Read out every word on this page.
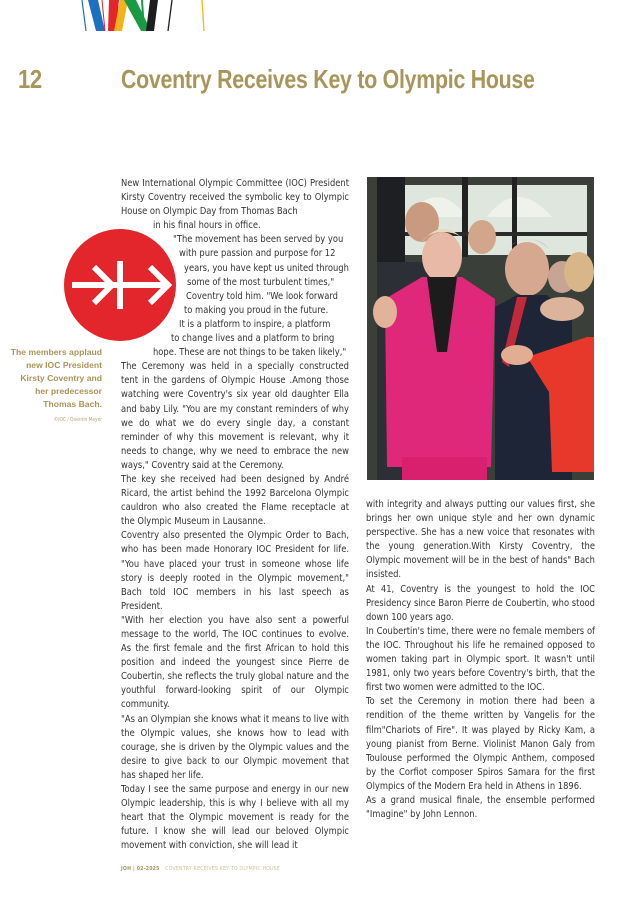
12	Coventry Receives Key to Olympic House
The members applaud
new IOC President
Kirsty Coventry and
her predecessor
Thomas Bach.
©IOC / Quentin Meyer

New International Olympic Committee (IOC) President Kirsty Coventry received the symbolic key to Olympic House on Olympic Day from Thomas Bach

in his final hours in office.

"The movement has been served by you

with pure passion and purpose for 12

years, you have kept us united through

some of the most turbulent times,"

Coventry told him. "We look forward

to making you proud in the future.

It is a platform to inspire, a platform

to change lives and a platform to bring

hope. These are not things to be taken likely,"

The Ceremony was held in a specially constructed tent in the gardens of Olympic House .Among those watching were Coventry's six year old daughter Ella and baby Lily. "You are my constant reminders of why we do what we do every single day, a constant reminder of why this movement is relevant, why it needs to change, why we need to embrace the new ways," Coventry said at the Ceremony.

The key she received had been designed by André Ricard, the artist behind the 1992 Barcelona Olympic cauldron who also created the Flame receptacle at the Olympic Museum in Lausanne.

Coventry also presented the Olympic Order to Bach, who has been made Honorary IOC President for life. "You have placed your trust in someone whose life story is deeply rooted in the Olympic movement," Bach told IOC members in his last speech as President.

"With her election you have also sent a powerful message to the world, The IOC continues to evolve. As the first female and the first African to hold this position and indeed the youngest since Pierre de Coubertin, she reflects the truly global nature and the youthful forward-looking spirit of our Olympic community.

"As an Olympian she knows what it means to live with the Olympic values, she knows how to lead with courage, she is driven by the Olympic values and the desire to give back to our Olympic movement that has shaped her life.

Today I see the same purpose and energy in our new Olympic leadership, this is why I believe with all my heart that the Olympic movement is ready for the future. I know she will lead our beloved Olympic movement with conviction, she will lead it

with integrity and always putting our values first, she brings her own unique style and her own dynamic perspective. She has a new voice that resonates with the young generation.With Kirsty Coventry, the Olympic movement will be in the best of hands" Bach insisted.

At 41, Coventry is the youngest to hold the IOC Presidency since Baron Pierre de Coubertin, who stood down 100 years ago.

In Coubertin's time, there were no female members of the IOC. Throughout his life he remained opposed to women taking part in Olympic sport. It wasn't until 1981, only two years before Coventry's birth, that the first two women were admitted to the IOC.

To set the Ceremony in motion there had been a rendition of the theme written by Vangelis for the film"Chariots of Fire". It was played by Ricky Kam, a young pianist from Berne. Violinist Manon Galy from Toulouse performed the Olympic Anthem, composed by the Corfiot composer Spiros Samara for the first Olympics of the Modern Era held in Athens in 1896.

As a grand musical finale, the ensemble performed "Imagine" by John Lennon.

JOH | 02-2025 COVENTRY RECEIVES KEY TO OLYMPIC HOUSE
